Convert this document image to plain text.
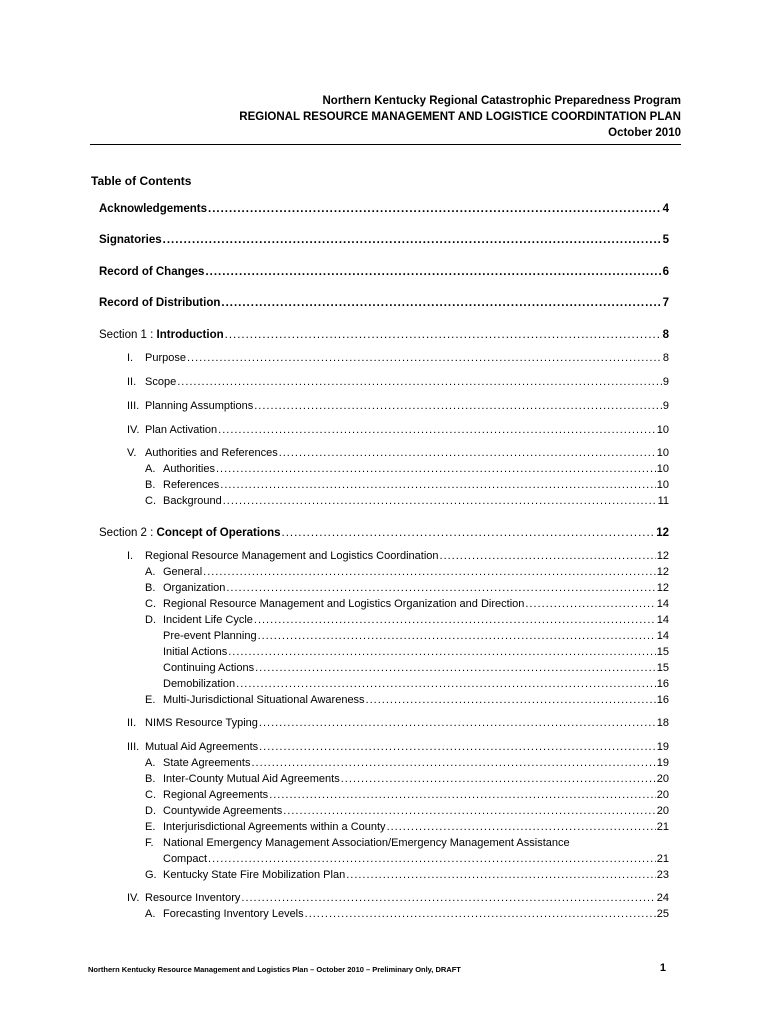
Northern Kentucky Regional Catastrophic Preparedness Program
REGIONAL RESOURCE MANAGEMENT AND LOGISTICE COORDINTATION PLAN
October 2010
Table of Contents
Acknowledgements .....	4
Signatories .....	5
Record of Changes .....	6
Record of Distribution .....	7
Section 1 : Introduction .....	8
I. Purpose .....	8
II. Scope .....	9
III. Planning Assumptions .....	9
IV. Plan Activation .....	10
V. Authorities and References .....	10
A. Authorities .....	10
B. References .....	10
C. Background .....	11
Section 2 : Concept of Operations .....	12
I. Regional Resource Management and Logistics Coordination .....	12
A. General .....	12
B. Organization .....	12
C. Regional Resource Management and Logistics Organization and Direction .....	14
D. Incident Life Cycle .....	14
Pre-event Planning .....	14
Initial Actions .....	15
Continuing Actions .....	15
Demobilization .....	16
E. Multi-Jurisdictional Situational Awareness .....	16
II. NIMS Resource Typing .....	18
III. Mutual Aid Agreements .....	19
A. State Agreements .....	19
B. Inter-County Mutual Aid Agreements .....	20
C. Regional Agreements .....	20
D. Countywide Agreements .....	20
E. Interjurisdictional Agreements within a County .....	21
F. National Emergency Management Association/Emergency Management Assistance
Compact .....	21
G. Kentucky State Fire Mobilization Plan .....	23
IV. Resource Inventory .....	24
A. Forecasting Inventory Levels .....	25
Northern Kentucky Resource Management and Logistics Plan – October 2010 – Preliminary Only, DRAFT	1
